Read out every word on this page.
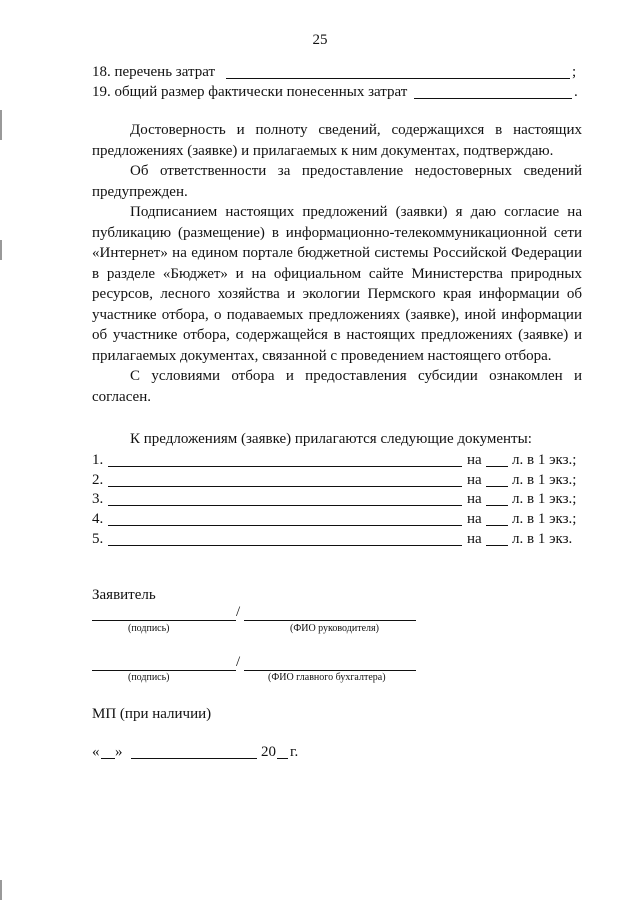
25
18. перечень затрат	;
19. общий размер фактически понесенных затрат	.

Достоверность и полноту сведений, содержащихся в настоящих предложениях (заявке) и прилагаемых к ним документах, подтверждаю.

Об ответственности за предоставление недостоверных сведений предупрежден.

Подписанием настоящих предложений (заявки) я даю согласие на публикацию (размещение) в информационно-телекоммуникационной сети «Интернет» на едином портале бюджетной системы Российской Федерации в разделе «Бюджет» и на официальном сайте Министерства природных ресурсов, лесного хозяйства и экологии Пермского края информации об участнике отбора, о подаваемых предложениях (заявке), иной информации об участнике отбора, содержащейся в настоящих предложениях (заявке) и прилагаемых документах, связанной с проведением настоящего отбора.

С условиями отбора и предоставления субсидии ознакомлен и согласен.

К предложениям (заявке) прилагаются следующие документы:
1.	на л. в 1 экз.;
2.	на л. в 1 экз.;
3.	на л. в 1 экз.;
4.	на л. в 1 экз.;
5.	на л. в 1 экз.
Заявитель
/
(подпись)	(ФИО руководителя)
/
(подпись)	(ФИО главного бухгалтера)
МП (при наличии)
« »	20 г.
